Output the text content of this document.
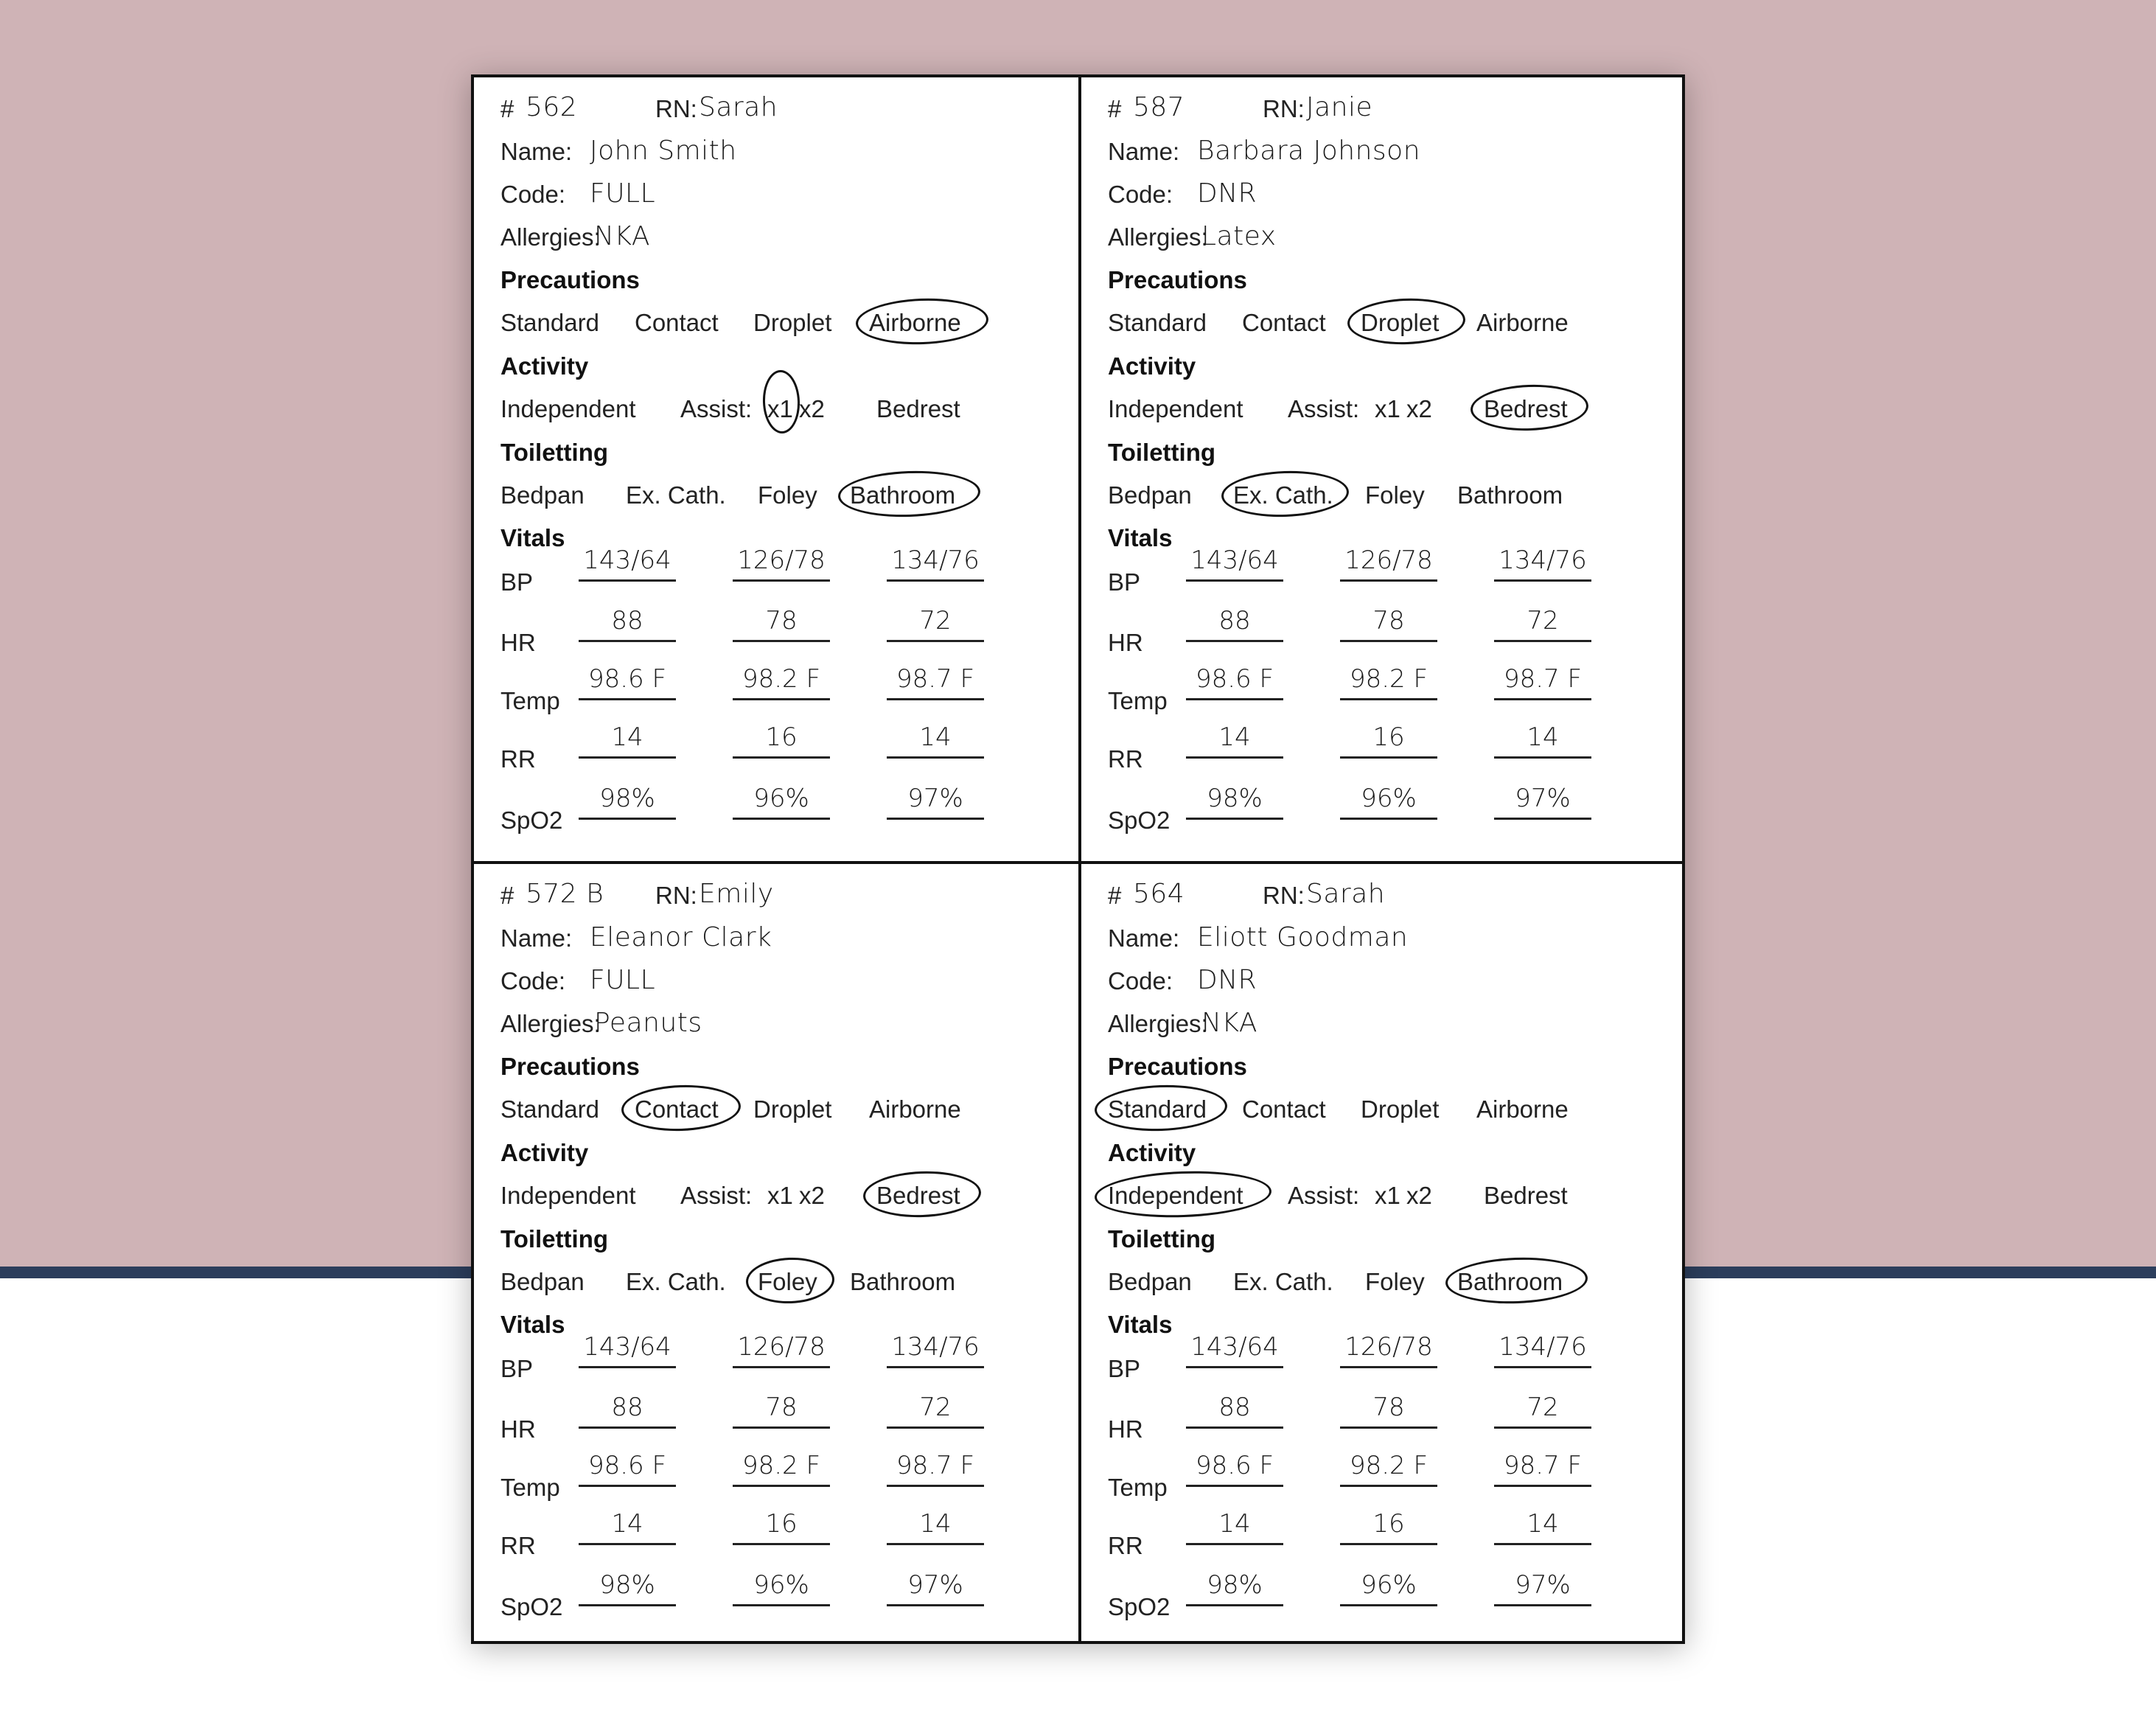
# 562	RN: Sarah
Name: John Smith
Code: FULL
Allergies:
NKA
Precautions
Standard Contact Droplet Airborne
Activity
Independent Assist: x1 x2 Bedrest
Toiletting
Bedpan Ex. Cath. Foley Bathroom
Vitals
BP
143/64	126/78	134/76
HR
88	78	72
Temp
98.6 F	98.2 F	98.7 F
RR
14	16	14
SpO2
98%	96%	97%
# 587	RN: Janie
Name: Barbara Johnson
Code: DNR
Allergies:
Latex
Precautions
Standard Contact Droplet Airborne
Activity
Independent Assist: x1 x2 Bedrest
Toiletting
Bedpan Ex. Cath. Foley Bathroom
Vitals
BP
143/64	126/78	134/76
HR
88	78	72
Temp
98.6 F	98.2 F	98.7 F
RR
14	16	14
SpO2
98%	96%	97%
# 572 B RN: Emily
Name: Eleanor Clark
Code: FULL
Allergies:
Peanuts
Precautions
Standard Contact Droplet Airborne
Activity
Independent Assist: x1 x2 Bedrest
Toiletting
Bedpan Ex. Cath. Foley Bathroom
Vitals
BP
143/64	126/78	134/76
HR
88	78	72
Temp
98.6 F	98.2 F	98.7 F
RR
14	16	14
SpO2
98%	96%	97%
# 564	RN: Sarah
Name: Eliott Goodman
Code: DNR
Allergies:
NKA
Precautions
Standard Contact Droplet Airborne
Activity
Independent Assist: x1 x2 Bedrest
Toiletting
Bedpan Ex. Cath. Foley Bathroom
Vitals
BP
143/64	126/78	134/76
HR
88	78	72
Temp
98.6 F	98.2 F	98.7 F
RR
14	16	14
SpO2
98%	96%	97%
